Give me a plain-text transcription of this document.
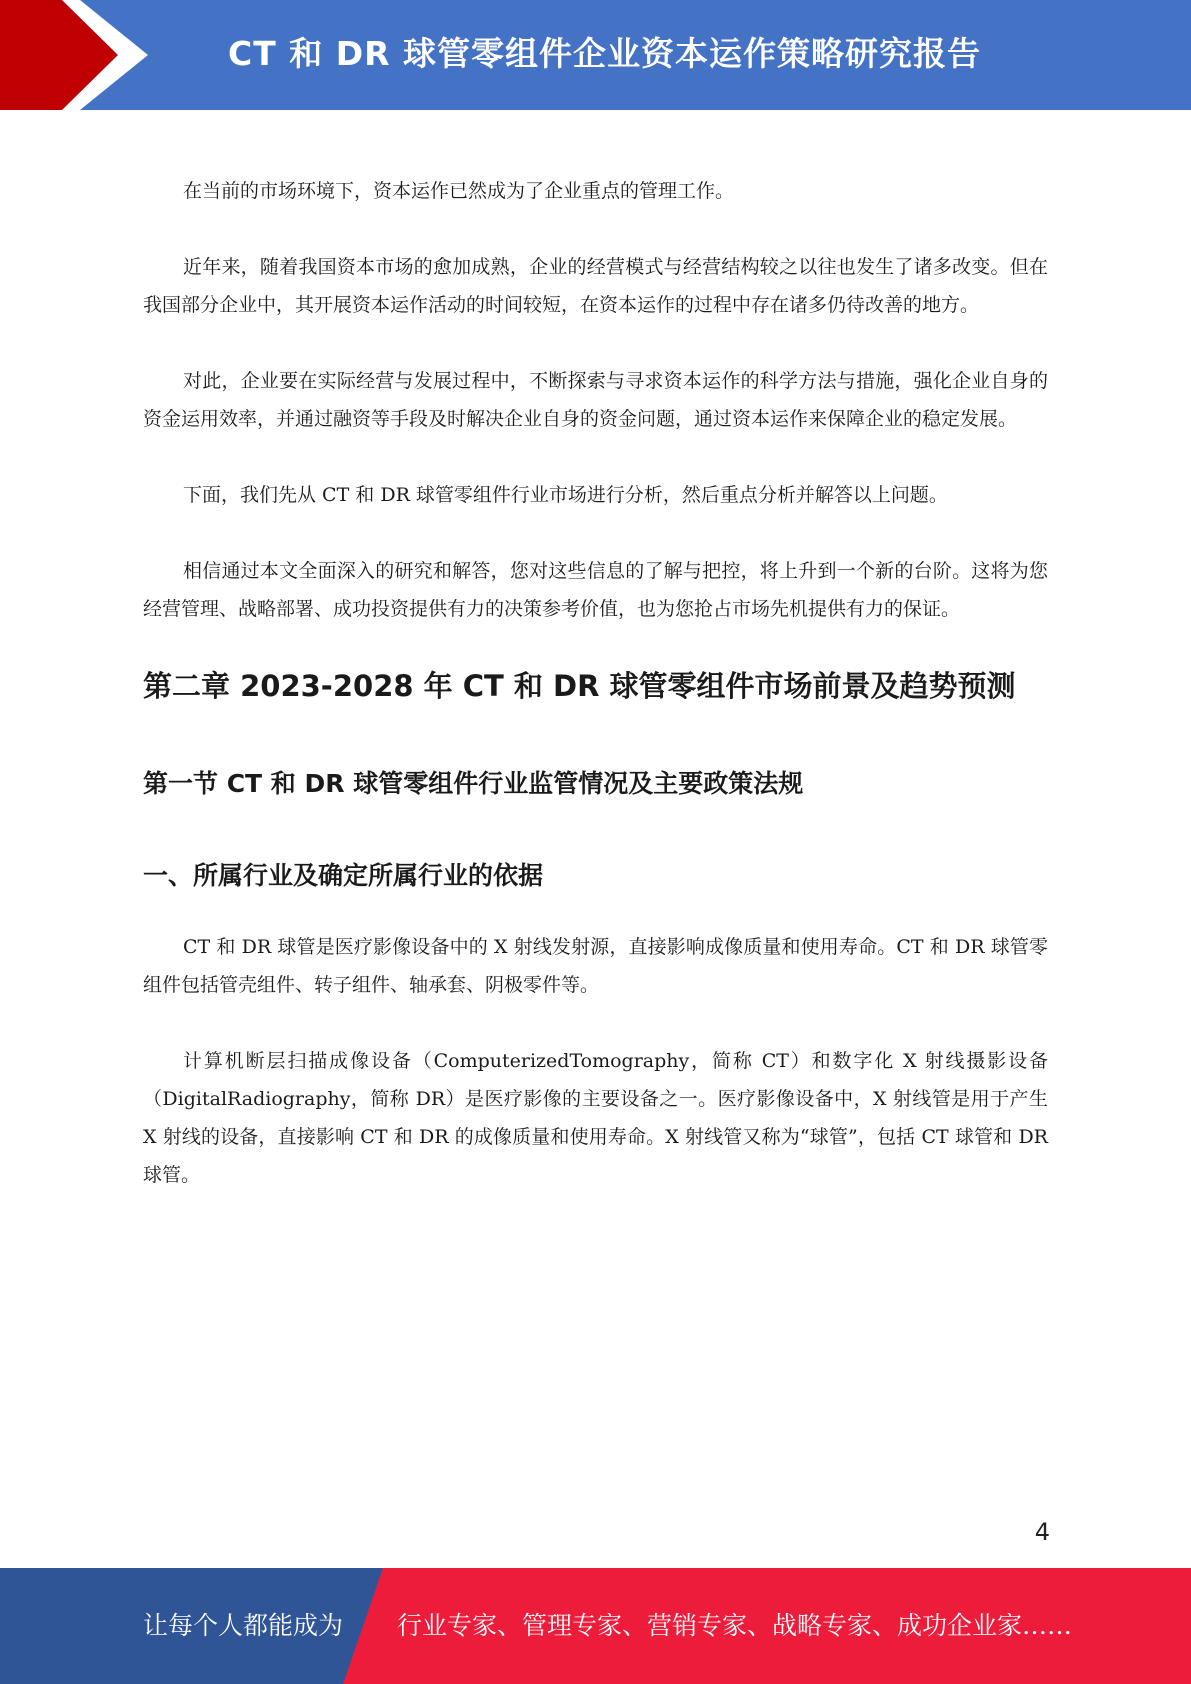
CT 和 DR 球管零组件企业资本运作策略研究报告

在当前的市场环境下，资本运作已然成为了企业重点的管理工作。

近年来，随着我国资本市场的愈加成熟，企业的经营模式与经营结构较之以往也发生了诸多改变。但在我国部分企业中，其开展资本运作活动的时间较短，在资本运作的过程中存在诸多仍待改善的地方。

对此，企业要在实际经营与发展过程中，不断探索与寻求资本运作的科学方法与措施，强化企业自身的资金运用效率，并通过融资等手段及时解决企业自身的资金问题，通过资本运作来保障企业的稳定发展。

下面，我们先从 CT 和 DR 球管零组件行业市场进行分析，然后重点分析并解答以上问题。

相信通过本文全面深入的研究和解答，您对这些信息的了解与把控，将上升到一个新的台阶。这将为您经营管理、战略部署、成功投资提供有力的决策参考价值，也为您抢占市场先机提供有力的保证。

第二章 2023-2028 年 CT 和 DR 球管零组件市场前景及趋势预测
第一节 CT 和 DR 球管零组件行业监管情况及主要政策法规
一、所属行业及确定所属行业的依据

CT 和 DR 球管是医疗影像设备中的 X 射线发射源，直接影响成像质量和使用寿命。CT 和 DR 球管零组件包括管壳组件、转子组件、轴承套、阴极零件等。

计算机断层扫描成像设备（ComputerizedTomography，简称 CT）和数字化 X 射线摄影设备（DigitalRadiography，简称 DR）是医疗影像的主要设备之一。医疗影像设备中，X 射线管是用于产生 X 射线的设备，直接影响 CT 和 DR 的成像质量和使用寿命。X 射线管又称为“球管”，包括 CT 球管和 DR 球管。

4
让每个人都能成为 行业专家、管理专家、营销专家、战略专家、成功企业家……
